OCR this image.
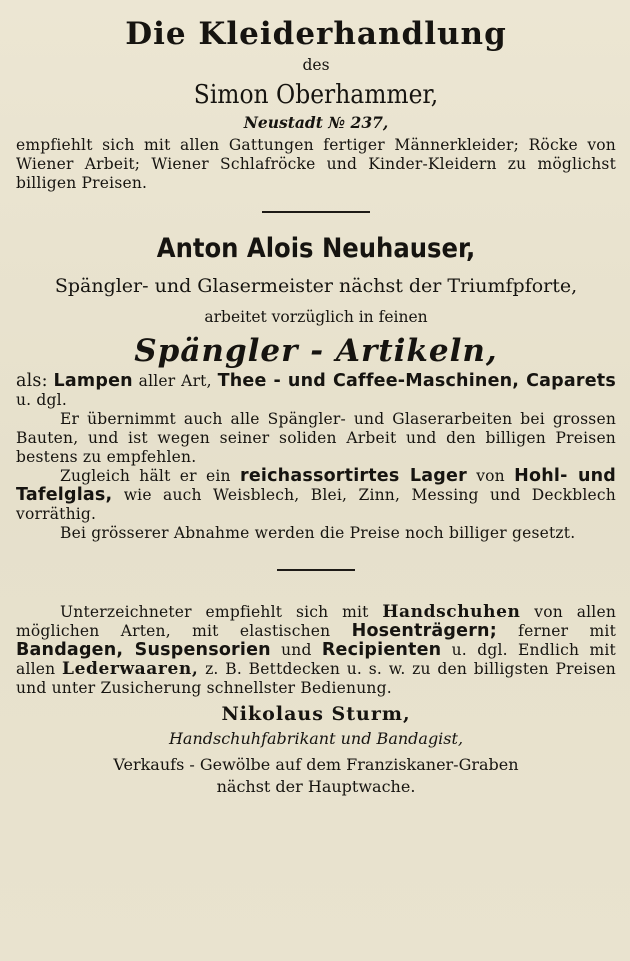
Die Kleiderhandlung

des

Simon Oberhammer,

Neustadt № 237,

empfiehlt sich mit allen Gattungen fertiger Männerkleider; Röcke von Wiener Arbeit; Wiener Schlafröcke und Kinder-Kleidern zu möglichst billigen Preisen.

Anton Alois Neuhauser,

Spängler- und Glasermeister nächst der Triumfpforte,

arbeitet vorzüglich in feinen

Spängler - Artikeln,

als: Lampen aller Art, Thee - und Caffee-Maschinen, Caparets u. dgl.

Er übernimmt auch alle Spängler- und Glaserarbeiten bei grossen Bauten, und ist wegen seiner soliden Arbeit und den billigen Preisen bestens zu empfehlen.

Zugleich hält er ein reichassortirtes Lager von Hohl- und Tafelglas, wie auch Weisblech, Blei, Zinn, Messing und Deckblech vorräthig.

Bei grösserer Abnahme werden die Preise noch billiger gesetzt.

Unterzeichneter empfiehlt sich mit Handschuhen von allen möglichen Arten, mit elastischen Hosenträgern; ferner mit Bandagen, Suspensorien und Recipienten u. dgl. Endlich mit allen Lederwaaren, z. B. Bettdecken u. s. w. zu den billigsten Preisen und unter Zusicherung schnellster Bedienung.

Nikolaus Sturm,

Handschuhfabrikant und Bandagist,

Verkaufs - Gewölbe auf dem Franziskaner-Graben
nächst der Hauptwache.
